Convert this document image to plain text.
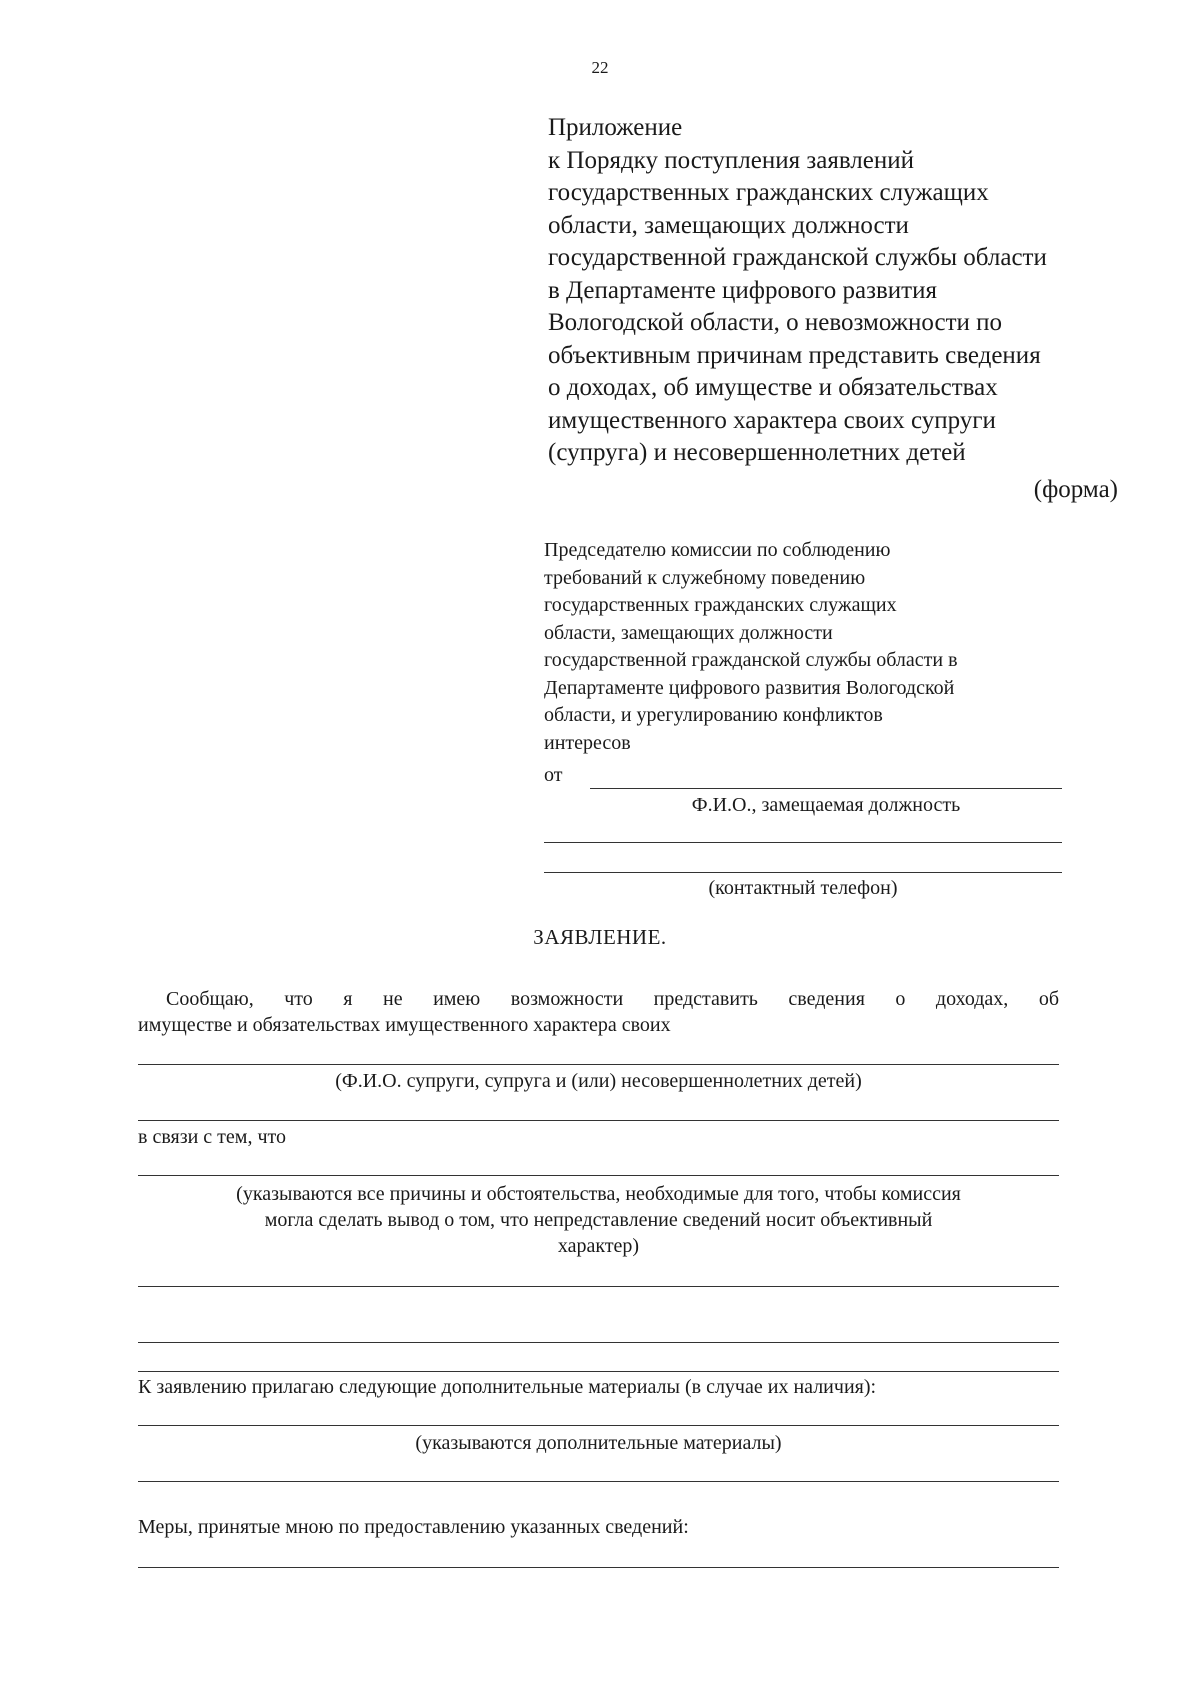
22
Приложение
к Порядку поступления заявлений
государственных гражданских служащих
области, замещающих должности
государственной гражданской службы области
в Департаменте цифрового развития
Вологодской области, о невозможности по
объективным причинам представить сведения
о доходах, об имуществе и обязательствах
имущественного характера своих супруги
(супруга) и несовершеннолетних детей
(форма)
Председателю комиссии по соблюдению
требований к служебному поведению
государственных гражданских служащих
области, замещающих должности
государственной гражданской службы области в
Департаменте цифрового развития Вологодской
области, и урегулированию конфликтов
интересов
от
Ф.И.О., замещаемая должность
(контактный телефон)
ЗАЯВЛЕНИЕ.
Сообщаю, что я не имею возможности представить сведения о доходах, об
имуществе и обязательствах имущественного характера своих
(Ф.И.О. супруги, супруга и (или) несовершеннолетних детей)
в связи с тем, что
(указываются все причины и обстоятельства, необходимые для того, чтобы комиссия
могла сделать вывод о том, что непредставление сведений носит объективный
характер)
К заявлению прилагаю следующие дополнительные материалы (в случае их наличия):
(указываются дополнительные материалы)
Меры, принятые мною по предоставлению указанных сведений:
